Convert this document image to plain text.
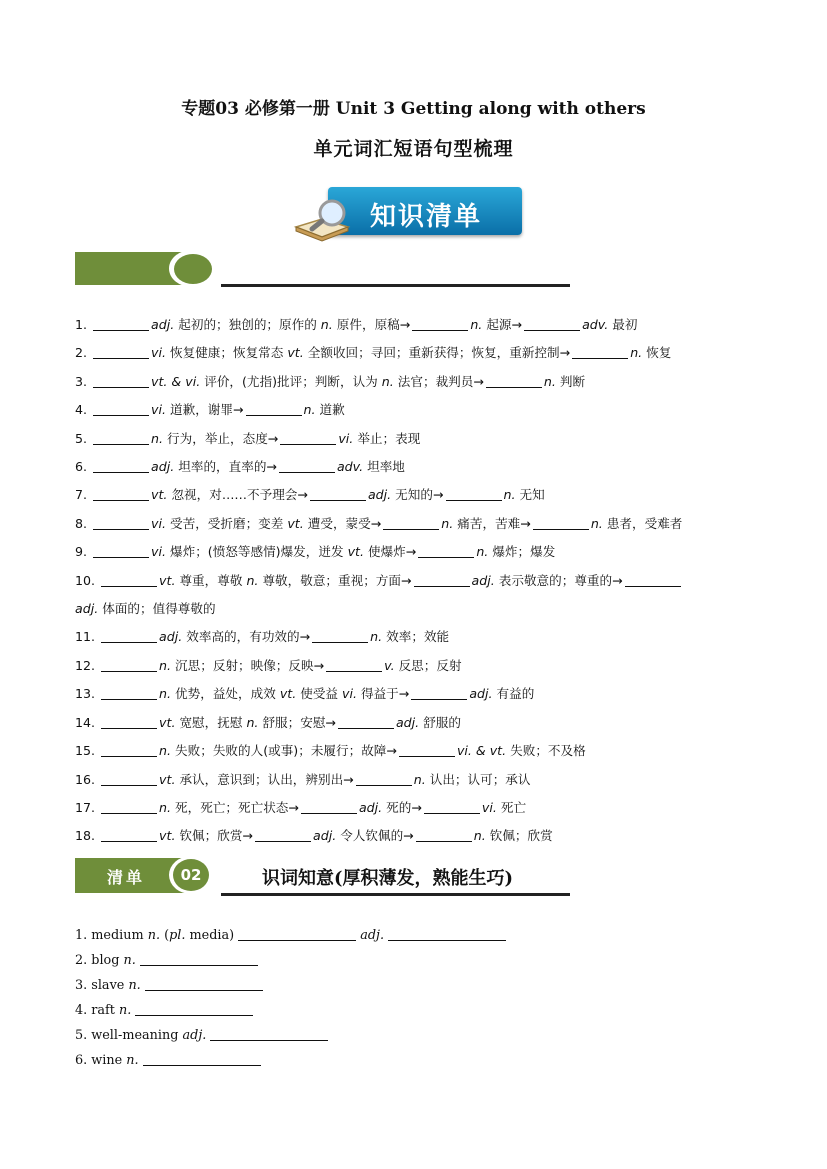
专题03 必修第一册 Unit 3 Getting along with others
单元词汇短语句型梳理
知识清单
1.	adj. 起初的；独创的；原作的 n. 原件，原稿→	n. 起源→	adv. 最初
2.	vi. 恢复健康；恢复常态 vt. 全额收回；寻回；重新获得；恢复，重新控制→	n. 恢复
3.	vt. & vi. 评价，(尤指)批评；判断，认为 n. 法官；裁判员→	n. 判断
4.	vi. 道歉，谢罪→	n. 道歉
5.	n. 行为，举止，态度→	vi. 举止；表现
6.	adj. 坦率的，直率的→	adv. 坦率地
7.	vt. 忽视，对……不予理会→	adj. 无知的→	n. 无知
8.	vi. 受苦，受折磨；变差 vt. 遭受，蒙受→	n. 痛苦，苦难→	n. 患者，受难者
9.	vi. 爆炸；(愤怒等感情)爆发，迸发 vt. 使爆炸→	n. 爆炸；爆发
10.	vt. 尊重，尊敬 n. 尊敬，敬意；重视；方面→	adj. 表示敬意的；尊重的→
adj. 体面的；值得尊敬的
11.	adj. 效率高的，有功效的→	n. 效率；效能
12.	n. 沉思；反射；映像；反映→	v. 反思；反射
13.	n. 优势，益处，成效 vt. 使受益 vi. 得益于→	adj. 有益的
14.	vt. 宽慰，抚慰 n. 舒服；安慰→	adj. 舒服的
15.	n. 失败；失败的人(或事)；未履行；故障→	vi. & vt. 失败；不及格
16.	vt. 承认，意识到；认出，辨别出→	n. 认出；认可；承认
17.	n. 死，死亡；死亡状态→	adj. 死的→	vi. 死亡
18.	vt. 钦佩；欣赏→	adj. 令人钦佩的→	n. 钦佩；欣赏
清单	02	识词知意(厚积薄发，熟能生巧)
1. medium n. (pl. media)	adj.
2. blog n.
3. slave n.
4. raft n.
5. well-meaning adj.
6. wine n.
